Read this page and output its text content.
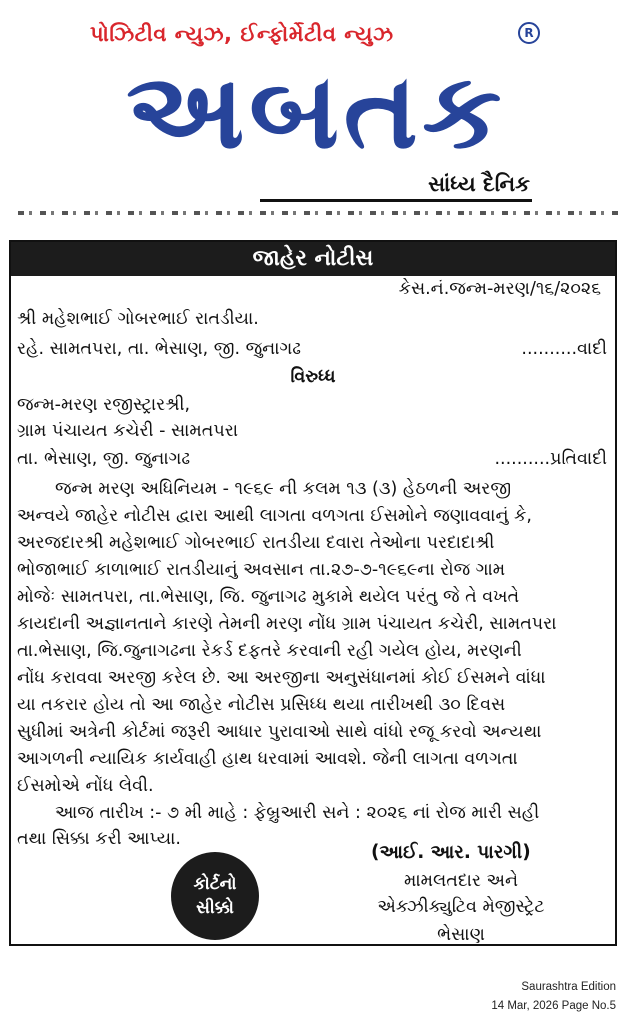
પોઝિટીવ ન્યુઝ, ઈન્ફોર્મેટીવ ન્યુઝ	R
અબતક
સાંધ્ય દૈનિક
જાહેર નોટીસ
કેસ.નં.જન્મ-મરણ/૧૬/૨૦૨૬
શ્રી મહેશભાઈ ગોબરભાઈ રાતડીયા.
રહે. સામતપરા, તા. ભેસાણ, જી. જુનાગઢ	..........વાદી
વિરુધ્ધ
જન્મ-મરણ રજીસ્ટ્રારશ્રી,
ગ્રામ પંચાયત કચેરી - સામતપરા
તા. ભેસાણ, જી. જુનાગઢ	..........પ્રતિવાદી
જન્મ મરણ અધિનિયમ - ૧૯૬૯ ની કલમ ૧૩ (૩) હેઠળની અરજી
અન્વયે જાહેર નોટીસ દ્વારા આથી લાગતા વળગતા ઈસમોને જણાવવાનું કે,
અરજદારશ્રી મહેશભાઈ ગોબરભાઈ રાતડીયા દવારા તેઓના પરદાદાશ્રી
ભોજાભાઈ કાળાભાઈ રાતડીયાનું અવસાન તા.૨૭-૭-૧૯૬૯ના રોજ ગામ
મોજેઃ સામતપરા, તા.ભેસાણ, જિ. જુનાગઢ મુકામે થયેલ પરંતુ જે તે વખતે
કાયદાની અજ્ઞાનતાને કારણે તેમની મરણ નોંધ ગ્રામ પંચાયત કચેરી, સામતપરા
તા.ભેસાણ, જિ.જુનાગઢના રેકર્ડ દફતરે કરવાની રહી ગયેલ હોય, મરણની
નોંધ કરાવવા અરજી કરેલ છે. આ અરજીના અનુસંધાનમાં કોઈ ઈસમને વાંધા
યા તકરાર હોય તો આ જાહેર નોટીસ પ્રસિધ્ધ થયા તારીખથી ૩૦ દિવસ
સુધીમાં અત્રેની કોર્ટમાં જરૂરી આધાર પુરાવાઓ સાથે વાંધો રજૂ કરવો અન્યથા
આગળની ન્યાયિક કાર્યવાહી હાથ ધરવામાં આવશે. જેની લાગતા વળગતા
ઈસમોએ નોંધ લેવી.
આજ તારીખ :- ૭ મી માહે : ફેબ્રુઆરી સને : ૨૦૨૬ નાં રોજ મારી સહી
તથા સિક્કા કરી આપ્યા.
(આઈ. આર. પારગી)
મામલતદાર અને
એક્ઝીક્યુટિવ મેજીસ્ટ્રેટ
ભેસાણ
કોર્ટનો
સીક્કો
Saurashtra Edition
14 Mar, 2026 Page No.5
